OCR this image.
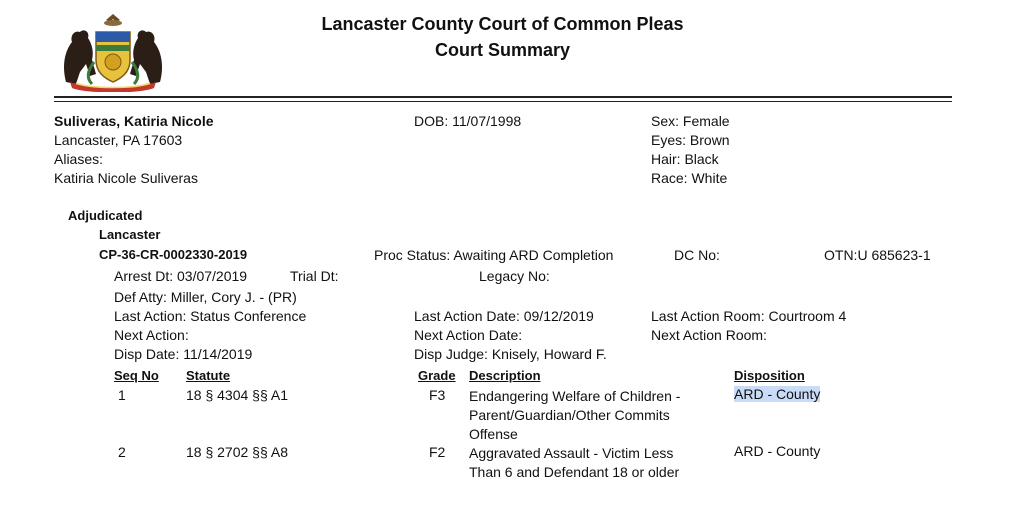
Lancaster County Court of Common Pleas
Court Summary
Suliveras, Katiria Nicole
Lancaster, PA 17603
Aliases:
Katiria Nicole Suliveras
DOB: 11/07/1998	Sex: Female
Eyes: Brown
Hair: Black
Race: White
Adjudicated
Lancaster
CP-36-CR-0002330-2019	Proc Status: Awaiting ARD Completion	DC No:	OTN:U 685623-1
Arrest Dt: 03/07/2019	Trial Dt:	Legacy No:
Def Atty: Miller, Cory J. - (PR)
Last Action: Status Conference	Last Action Date: 09/12/2019	Last Action Room: Courtroom 4
Next Action:	Next Action Date:	Next Action Room:
Disp Date: 11/14/2019	Disp Judge: Knisely, Howard F.
Seq No Statute	Grade Description	Disposition
1	18 § 4304 §§ A1	F3 Endangering Welfare of Children -
Parent/Guardian/Other Commits
Offense
ARD - County
2	18 § 2702 §§ A8	F2 Aggravated Assault - Victim Less
Than 6 and Defendant 18 or older
ARD - County
